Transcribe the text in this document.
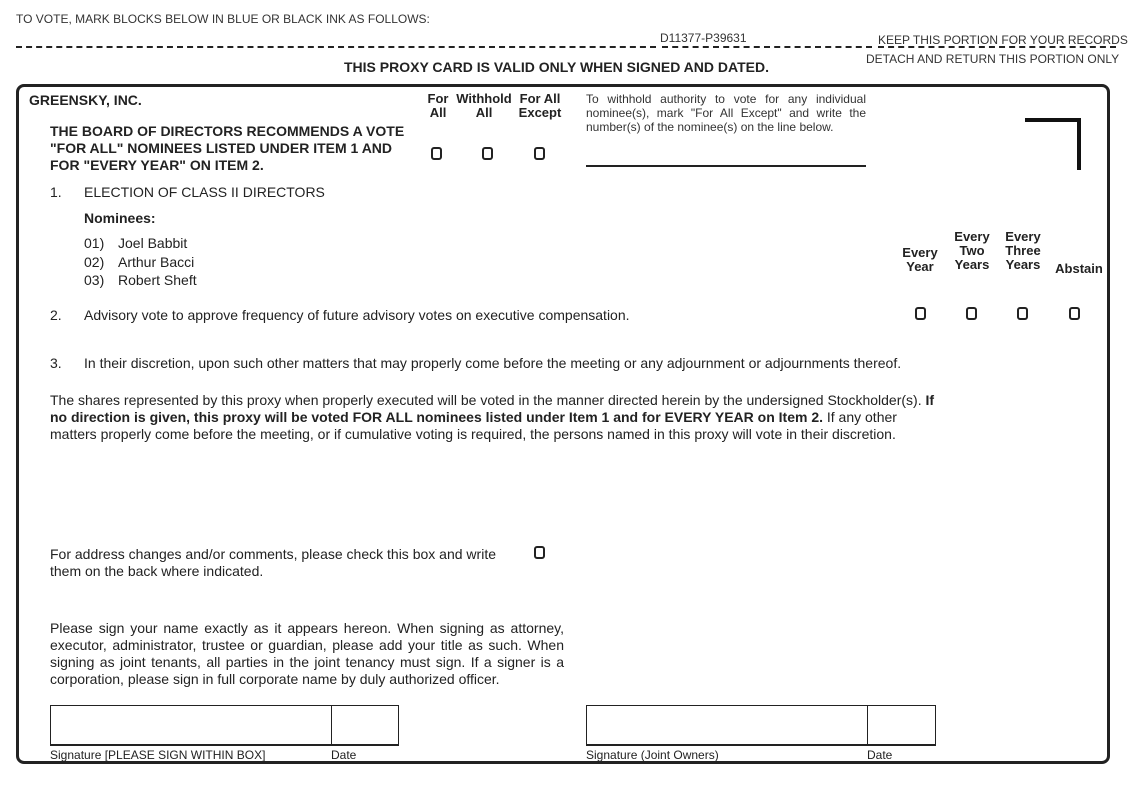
TO VOTE, MARK BLOCKS BELOW IN BLUE OR BLACK INK AS FOLLOWS:
D11377-P39631	KEEP THIS PORTION FOR YOUR RECORDS
DETACH AND RETURN THIS PORTION ONLY
THIS PROXY CARD IS VALID ONLY WHEN SIGNED AND DATED.
GREENSKY, INC.
THE BOARD OF DIRECTORS RECOMMENDS A VOTE "FOR ALL" NOMINEES LISTED UNDER ITEM 1 AND FOR "EVERY YEAR" ON ITEM 2.
For All
Withhold All
For All Except
To withhold authority to vote for any individual nominee(s), mark "For All Except" and write the number(s) of the nominee(s) on the line below.
1. ELECTION OF CLASS II DIRECTORS
Nominees:
01) Joel Babbit
02) Arthur Bacci
03) Robert Sheft
Every Year
Every Two Years
Every Three Years	Abstain
2. Advisory vote to approve frequency of future advisory votes on executive compensation.
3. In their discretion, upon such other matters that may properly come before the meeting or any adjournment or adjournments thereof.
The shares represented by this proxy when properly executed will be voted in the manner directed herein by the undersigned Stockholder(s). If no direction is given, this proxy will be voted FOR ALL nominees listed under Item 1 and for EVERY YEAR on Item 2. If any other matters properly come before the meeting, or if cumulative voting is required, the persons named in this proxy will vote in their discretion.
For address changes and/or comments, please check this box and write them on the back where indicated.
Please sign your name exactly as it appears hereon. When signing as attorney, executor, administrator, trustee or guardian, please add your title as such. When signing as joint tenants, all parties in the joint tenancy must sign. If a signer is a corporation, please sign in full corporate name by duly authorized officer.
Signature [PLEASE SIGN WITHIN BOX]	Date	Signature (Joint Owners)	Date
